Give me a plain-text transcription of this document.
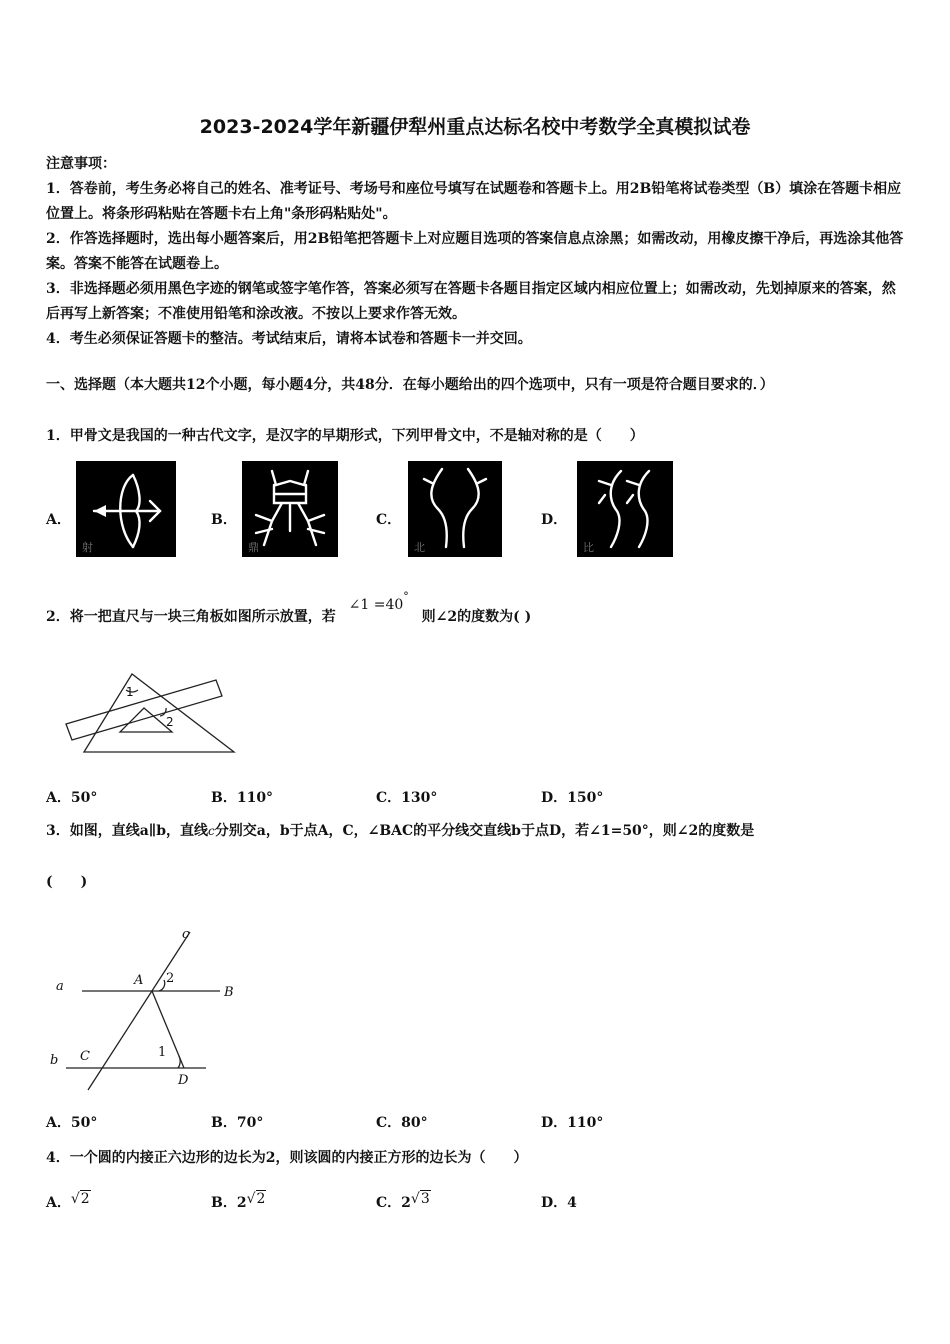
2023-2024学年新疆伊犁州重点达标名校中考数学全真模拟试卷

注意事项：

1．答卷前，考生务必将自己的姓名、准考证号、考场号和座位号填写在试题卷和答题卡上。用2B铅笔将试卷类型（B）填涂在答题卡相应位置上。将条形码粘贴在答题卡右上角"条形码粘贴处"。

2．作答选择题时，选出每小题答案后，用2B铅笔把答题卡上对应题目选项的答案信息点涂黑；如需改动，用橡皮擦干净后，再选涂其他答案。答案不能答在试题卷上。

3．非选择题必须用黑色字迹的钢笔或签字笔作答，答案必须写在答题卡各题目指定区域内相应位置上；如需改动，先划掉原来的答案，然后再写上新答案；不准使用铅笔和涂改液。不按以上要求作答无效。

4．考生必须保证答题卡的整洁。考试结束后，请将本试卷和答题卡一并交回。

一、选择题（本大题共12个小题，每小题4分，共48分．在每小题给出的四个选项中，只有一项是符合题目要求的．）
1．甲骨文是我国的一种古代文字，是汉字的早期形式，下列甲骨文中，不是轴对称的是（　　）
A．
射
B．
鼎
C．
北
D．
比
2．将一把直尺与一块三角板如图所示放置，若 ∠1 =40° 则∠2的度数为( )
1
2
A．50°	B．110°	C．130°	D．150°
3．如图，直线a∥b，直线c分别交a，b于点A，C，∠BAC的平分线交直线b于点D，若∠1=50°，则∠2的度数是
(　　)
c
a	A 2
B
b C	1
D
A．50°	B．70°	C．80°	D．110°
4．一个圆的内接正六边形的边长为2，则该圆的内接正方形的边长为（　　）
A．√2	B．2√2	C．2√3	D．4
